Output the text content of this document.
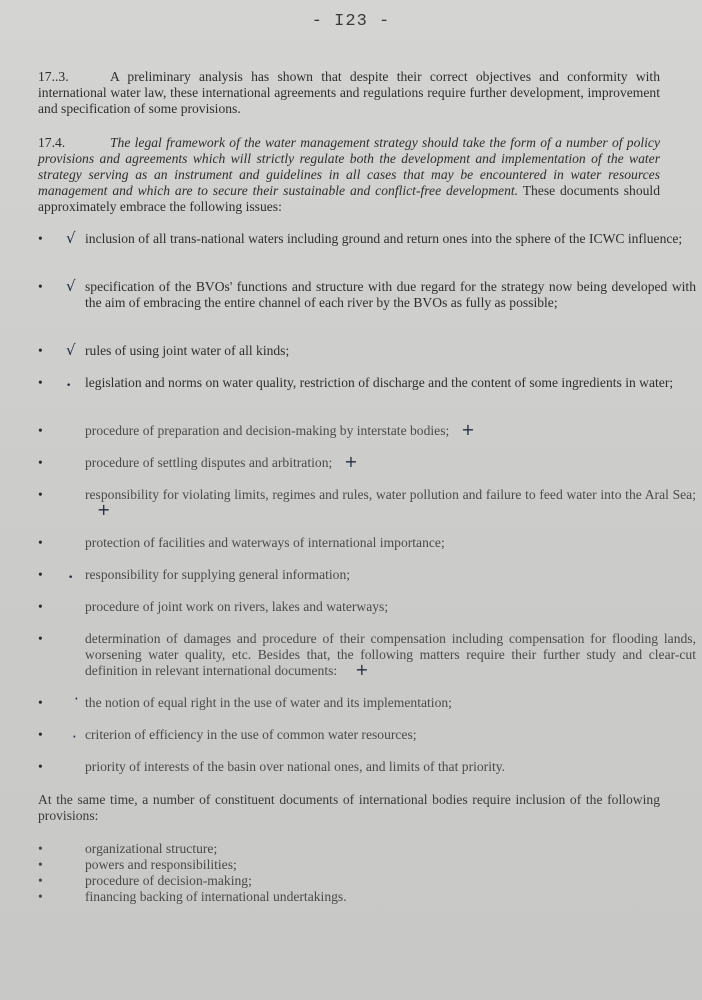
- I23 -
17..3.	A preliminary analysis has shown that despite their correct objectives and conformity with international water law, these international agreements and regulations require further development, improvement and specification of some provisions.
17.4.	The legal framework of the water management strategy should take the form of a number of policy provisions and agreements which will strictly regulate both the development and implementation of the water strategy serving as an instrument and guidelines in all cases that may be encountered in water resources management and which are to secure their sustainable and conflict-free development. These documents should approximately embrace the following issues:
•	√ inclusion of all trans-national waters including ground and return ones into the sphere of the ICWC influence;
•	√ specification of the BVOs' functions and structure with due regard for the strategy now being developed with the aim of embracing the entire channel of each river by the BVOs as fully as possible;
•	√ rules of using joint water of all kinds;
•	•	legislation and norms on water quality, restriction of discharge and the content of some ingredients in water;
•	procedure of preparation and decision-making by interstate bodies; +
•	procedure of settling disputes and arbitration; +
•	responsibility for violating limits, regimes and rules, water pollution and failure to feed water into the Aral Sea;+
•	protection of facilities and waterways of international importance;
•	• responsibility for supplying general information;
•	procedure of joint work on rivers, lakes and waterways;
•	determination of damages and procedure of their compensation including compensation for flooding lands, worsening water quality, etc. Besides that, the following matters require their further study and clear-cut definition in relevant international documents: +
•	· the notion of equal right in the use of water and its implementation;
•	· criterion of efficiency in the use of common water resources;
•	priority of interests of the basin over national ones, and limits of that priority.
At the same time, a number of constituent documents of international bodies require inclusion of the following provisions:
•	organizational structure;
•	powers and responsibilities;
•	procedure of decision-making;
•	financing backing of international undertakings.
